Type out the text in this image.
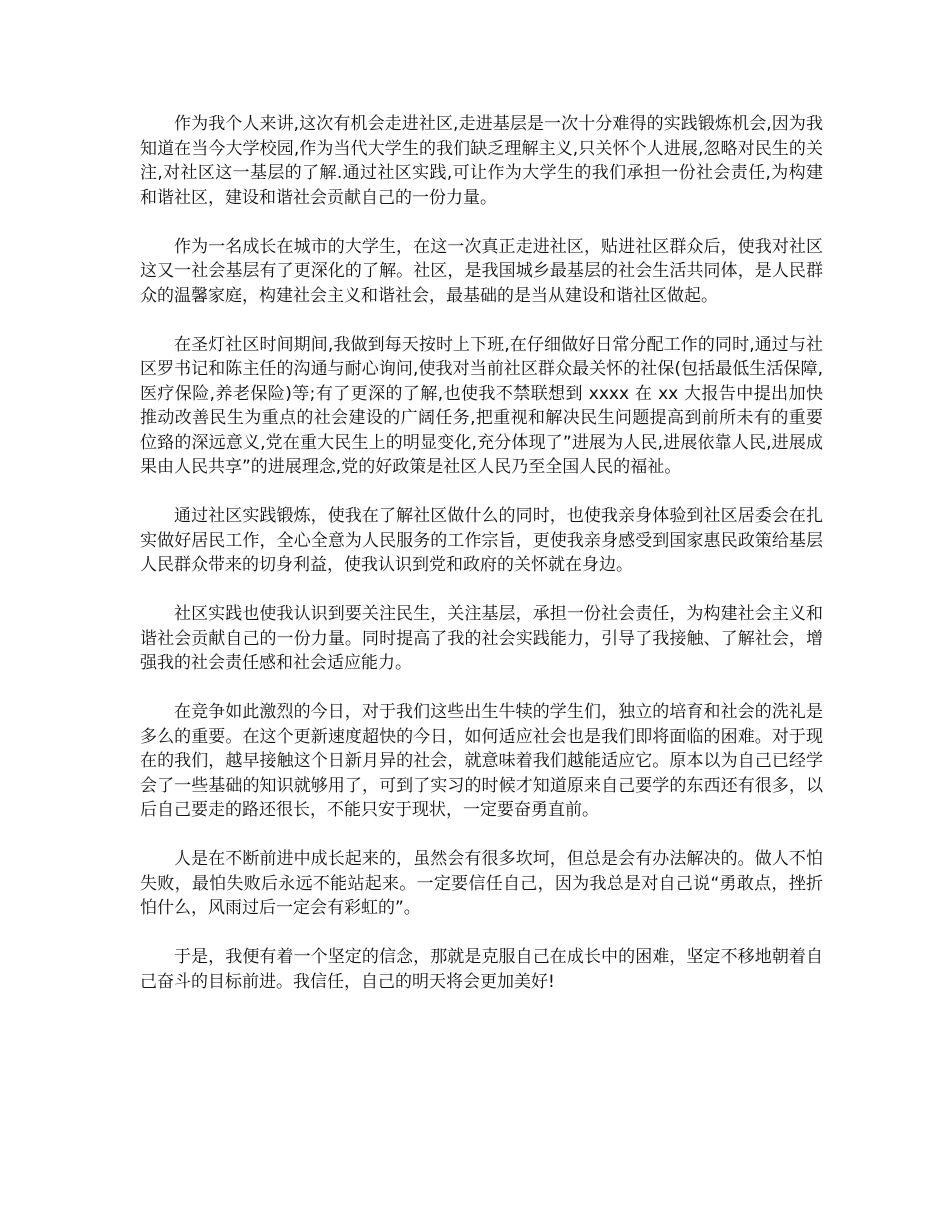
作为我个人来讲,这次有机会走进社区,走进基层是一次十分难得的实践锻炼机会,因为我知道在当今大学校园,作为当代大学生的我们缺乏理解主义,只关怀个人进展,忽略对民生的关注,对社区这一基层的了解.通过社区实践,可让作为大学生的我们承担一份社会责任,为构建和谐社区，建设和谐社会贡献自己的一份力量。

作为一名成长在城市的大学生，在这一次真正走进社区，贴进社区群众后，使我对社区这又一社会基层有了更深化的了解。社区，是我国城乡最基层的社会生活共同体，是人民群众的温馨家庭，构建社会主义和谐社会，最基础的是当从建设和谐社区做起。

在圣灯社区时间期间,我做到每天按时上下班,在仔细做好日常分配工作的同时,通过与社区罗书记和陈主任的沟通与耐心询问,使我对当前社区群众最关怀的社保(包括最低生活保障,医疗保险,养老保险)等;有了更深的了解,也使我不禁联想到 xxxx 在 xx 大报告中提出加快推动改善民生为重点的社会建设的广阔任务,把重视和解决民生问题提高到前所未有的重要位臵的深远意义,党在重大民生上的明显变化,充分体现了”进展为人民,进展依靠人民,进展成果由人民共享”的进展理念,党的好政策是社区人民乃至全国人民的福祉。

通过社区实践锻炼，使我在了解社区做什么的同时，也使我亲身体验到社区居委会在扎实做好居民工作，全心全意为人民服务的工作宗旨，更使我亲身感受到国家惠民政策给基层人民群众带来的切身利益，使我认识到党和政府的关怀就在身边。

社区实践也使我认识到要关注民生，关注基层，承担一份社会责任，为构建社会主义和谐社会贡献自己的一份力量。同时提高了我的社会实践能力，引导了我接触、了解社会，增强我的社会责任感和社会适应能力。

在竞争如此激烈的今日，对于我们这些出生牛犊的学生们，独立的培育和社会的洗礼是多么的重要。在这个更新速度超快的今日，如何适应社会也是我们即将面临的困难。对于现在的我们，越早接触这个日新月异的社会，就意味着我们越能适应它。原本以为自己已经学会了一些基础的知识就够用了，可到了实习的时候才知道原来自己要学的东西还有很多，以后自己要走的路还很长，不能只安于现状，一定要奋勇直前。

人是在不断前进中成长起来的，虽然会有很多坎坷，但总是会有办法解决的。做人不怕失败，最怕失败后永远不能站起来。一定要信任自己，因为我总是对自己说“勇敢点，挫折怕什么，风雨过后一定会有彩虹的”。

于是，我便有着一个坚定的信念，那就是克服自己在成长中的困难，坚定不移地朝着自己奋斗的目标前进。我信任，自己的明天将会更加美好!
